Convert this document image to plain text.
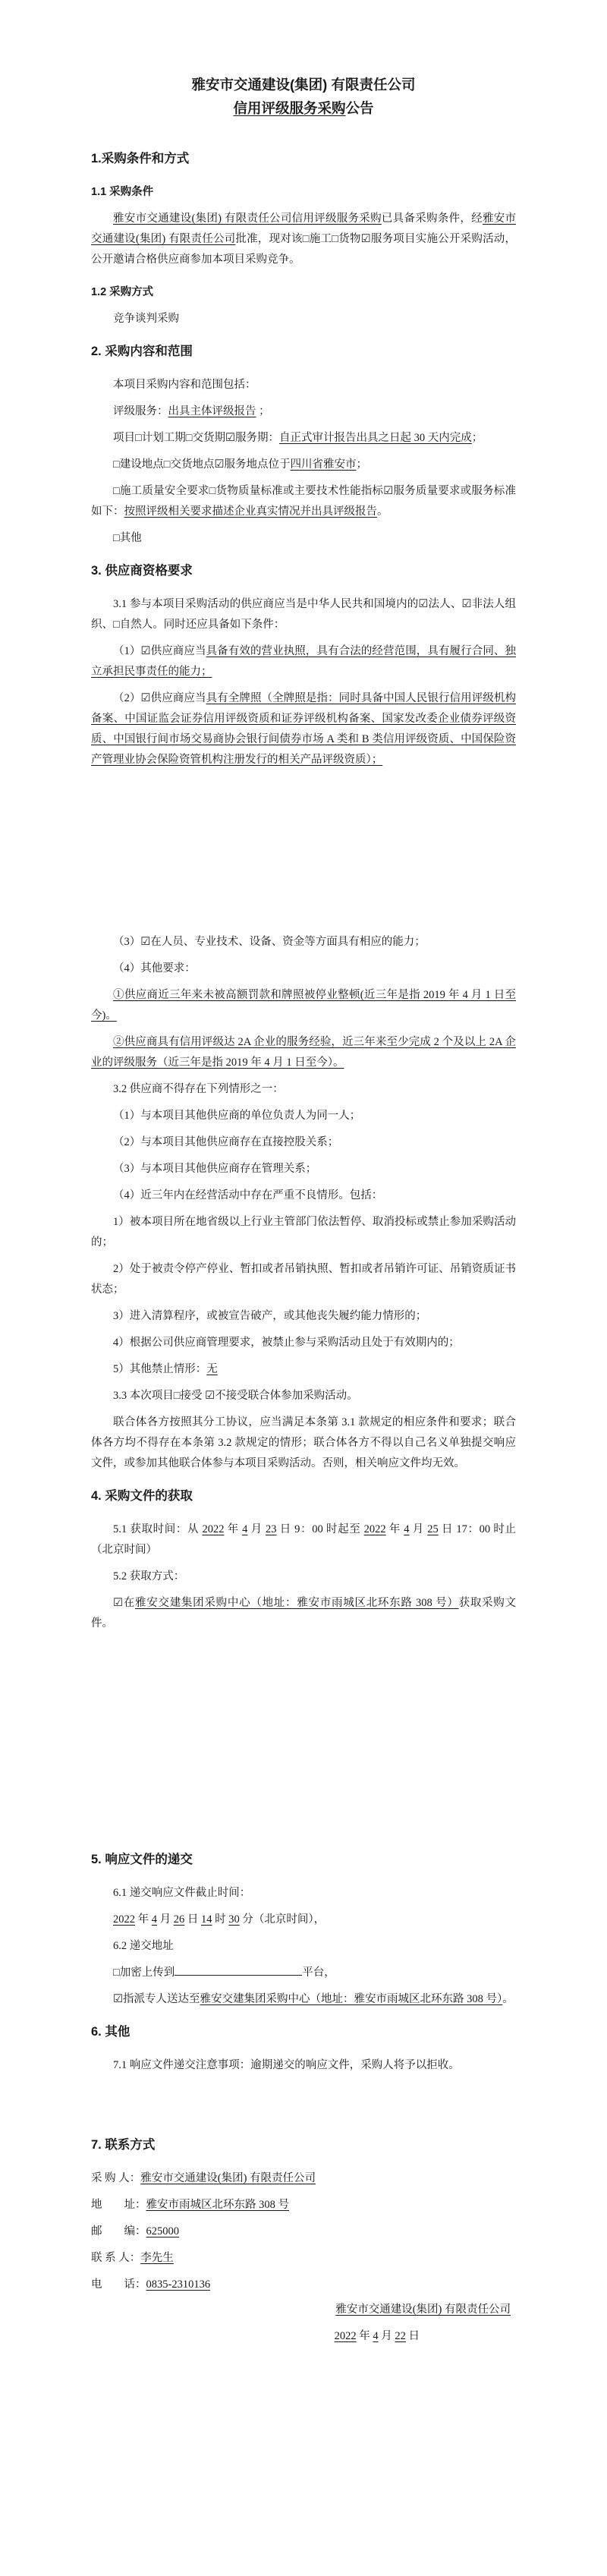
雅安市交通建设(集团) 有限责任公司
信用评级服务采购公告
1.采购条件和方式
1.1 采购条件
雅安市交通建设(集团) 有限责任公司信用评级服务采购已具备采购条件，经雅安市交通建设(集团) 有限责任公司批准，现对该□施工□货物☑服务项目实施公开采购活动，公开邀请合格供应商参加本项目采购竞争。
1.2 采购方式
竞争谈判采购
2. 采购内容和范围
本项目采购内容和范围包括：
评级服务：出具主体评级报告 ；
项目□计划工期□交货期☑服务期：自正式审计报告出具之日起 30 天内完成；
□建设地点□交货地点☑服务地点位于四川省雅安市；
□施工质量安全要求□货物质量标准或主要技术性能指标☑服务质量要求或服务标准如下：按照评级相关要求描述企业真实情况并出具评级报告。
□其他
3. 供应商资格要求
3.1 参与本项目采购活动的供应商应当是中华人民共和国境内的☑法人、☑非法人组织、□自然人。同时还应具备如下条件：
（1）☑供应商应当具备有效的营业执照，具有合法的经营范围，具有履行合同、独立承担民事责任的能力；
（2）☑供应商应当具有全牌照（全牌照是指：同时具备中国人民银行信用评级机构备案、中国证监会证券信用评级资质和证券评级机构备案、国家发改委企业债券评级资质、中国银行间市场交易商协会银行间债券市场 A 类和 B 类信用评级资质、中国保险资产管理业协会保险资管机构注册发行的相关产品评级资质）；
（3）☑在人员、专业技术、设备、资金等方面具有相应的能力；
（4）其他要求：
①供应商近三年来未被高额罚款和牌照被停业整顿(近三年是指 2019 年 4 月 1 日至今)。
②供应商具有信用评级达 2A 企业的服务经验，近三年来至少完成 2 个及以上 2A 企业的评级服务（近三年是指 2019 年 4 月 1 日至今）。
3.2 供应商不得存在下列情形之一：
（1）与本项目其他供应商的单位负责人为同一人；
（2）与本项目其他供应商存在直接控股关系；
（3）与本项目其他供应商存在管理关系；
（4）近三年内在经营活动中存在严重不良情形。包括：
1）被本项目所在地省级以上行业主管部门依法暂停、取消投标或禁止参加采购活动的；
2）处于被责令停产停业、暂扣或者吊销执照、暂扣或者吊销许可证、吊销资质证书状态；
3）进入清算程序，或被宣告破产，或其他丧失履约能力情形的；
4）根据公司供应商管理要求，被禁止参与采购活动且处于有效期内的；
5）其他禁止情形：无
3.3 本次项目□接受 ☑不接受联合体参加采购活动。
联合体各方按照其分工协议，应当满足本条第 3.1 款规定的相应条件和要求；联合体各方均不得存在本条第 3.2 款规定的情形；联合体各方不得以自己名义单独提交响应文件，或参加其他联合体参与本项目采购活动。否则，相关响应文件均无效。
4. 采购文件的获取
5.1 获取时间：从 2022 年 4 月 23 日 9：00 时起至 2022 年 4 月 25 日 17：00 时止（北京时间）
5.2 获取方式：
☑在雅安交建集团采购中心（地址：雅安市雨城区北环东路 308 号）获取采购文件。
5. 响应文件的递交
6.1 递交响应文件截止时间：
2022 年 4 月 26 日 14 时 30 分（北京时间），
6.2 递交地址
□加密上传到	平台，
☑指派专人送达至雅安交建集团采购中心（地址：雅安市雨城区北环东路 308 号）。
6. 其他
7.1 响应文件递交注意事项：逾期递交的响应文件，采购人将予以拒收。
7. 联系方式
采 购 人：雅安市交通建设(集团) 有限责任公司
地　　址：雅安市雨城区北环东路 308 号
邮　　编：625000
联 系 人：李先生
电　　话：0835-2310136
雅安市交通建设(集团) 有限责任公司
2022 年 4 月 22 日
